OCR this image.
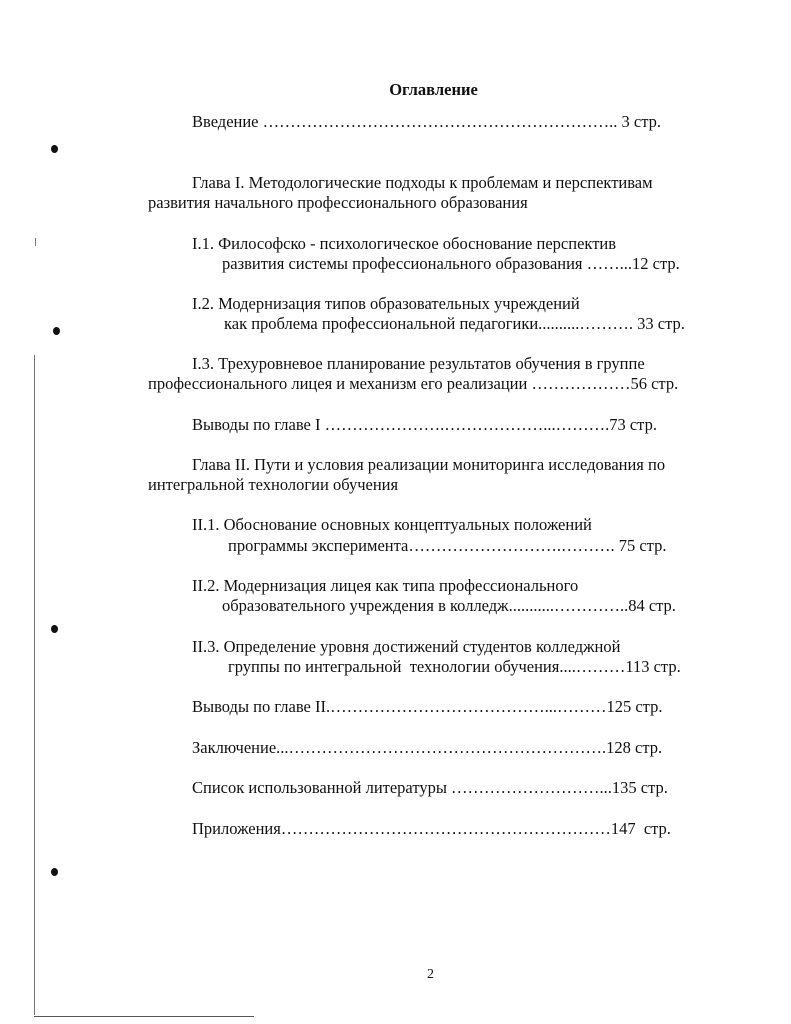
Оглавление
Введение ……………………………………………………….. 3 стр.
Глава I. Методологические подходы к проблемам и перспективам
развития начального профессионального образования
I.1. Философско - психологическое обоснование перспектив
развития системы профессионального образования ……...12 стр.
I.2. Модернизация типов образовательных учреждений
как проблема профессиональной педагогики..........………. 33 стр.
I.3. Трехуровневое планирование результатов обучения в группе
профессионального лицея и механизм его реализации ………………56 стр.
Выводы по главе I ………………….………………...……….73 стр.
Глава II. Пути и условия реализации мониторинга исследования по
интегральной технологии обучения
II.1. Обоснование основных концептуальных положений
программы эксперимента……………………….………. 75 стр.
II.2. Модернизация лицея как типа профессионального
образовательного учреждения в колледж...........…………..84 стр.
II.3. Определение уровня достижений студентов колледжной
группы по интегральной  технологии обучения....………113 стр.
Выводы по главе II.…………………………………...………125 стр.
Заключение...………………………………………………….128 стр.
Список использованной литературы ………………………...135 стр.
Приложения……………………………………………………147  стр.
2
